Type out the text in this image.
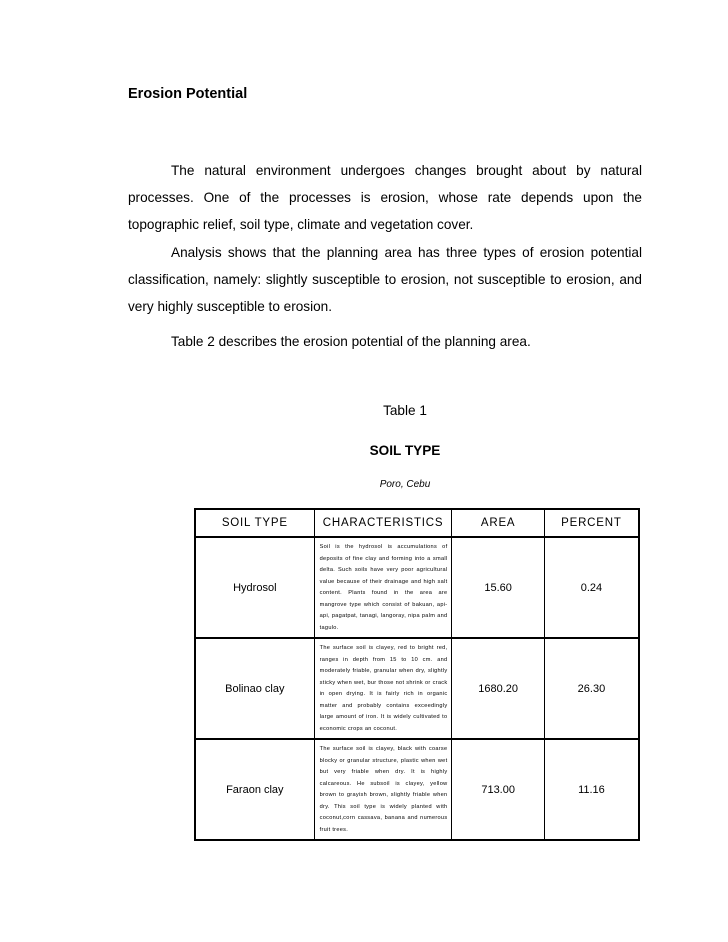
Erosion Potential

The natural environment undergoes changes brought about by natural processes. One of the processes is erosion, whose rate depends upon the topographic relief, soil type, climate and vegetation cover.

Analysis shows that the planning area has three types of erosion potential classification, namely: slightly susceptible to erosion, not susceptible to erosion, and very highly susceptible to erosion.

Table 2 describes the erosion potential of the planning area.

Table 1
SOIL TYPE
Poro, Cebu
SOIL TYPE	CHARACTERISTICS	AREA	PERCENT
Hydrosol	Soil is the hydrosol is accumulations of deposits of fine clay and forming into a small delta. Such soils have very poor agricultural value because of their drainage and high salt content. Plants found in the area are mangrove type which consist of bakuan, api-api, pagatpat, tanagi, langoray, nipa palm and tagulo.	15.60	0.24
Bolinao clay	The surface soil is clayey, red to bright red, ranges in depth from 15 to 10 cm. and moderately friable, granular when dry, slightly sticky when wet, bur those not shrink or crack in open drying. It is fairly rich in organic matter and probably contains exceedingly large amount of iron. It is widely cultivated to economic crops an coconut.	1680.20	26.30
Faraon clay	The surface soil is clayey, black with coarse blocky or granular structure, plastic when wet but very friable when dry. It is highly calcareous. He subsoil is clayey, yellow brown to grayish brown, slightly friable when dry. This soil type is widely planted with coconut,corn cassava, banana and numerous fruit trees.	713.00	11.16
